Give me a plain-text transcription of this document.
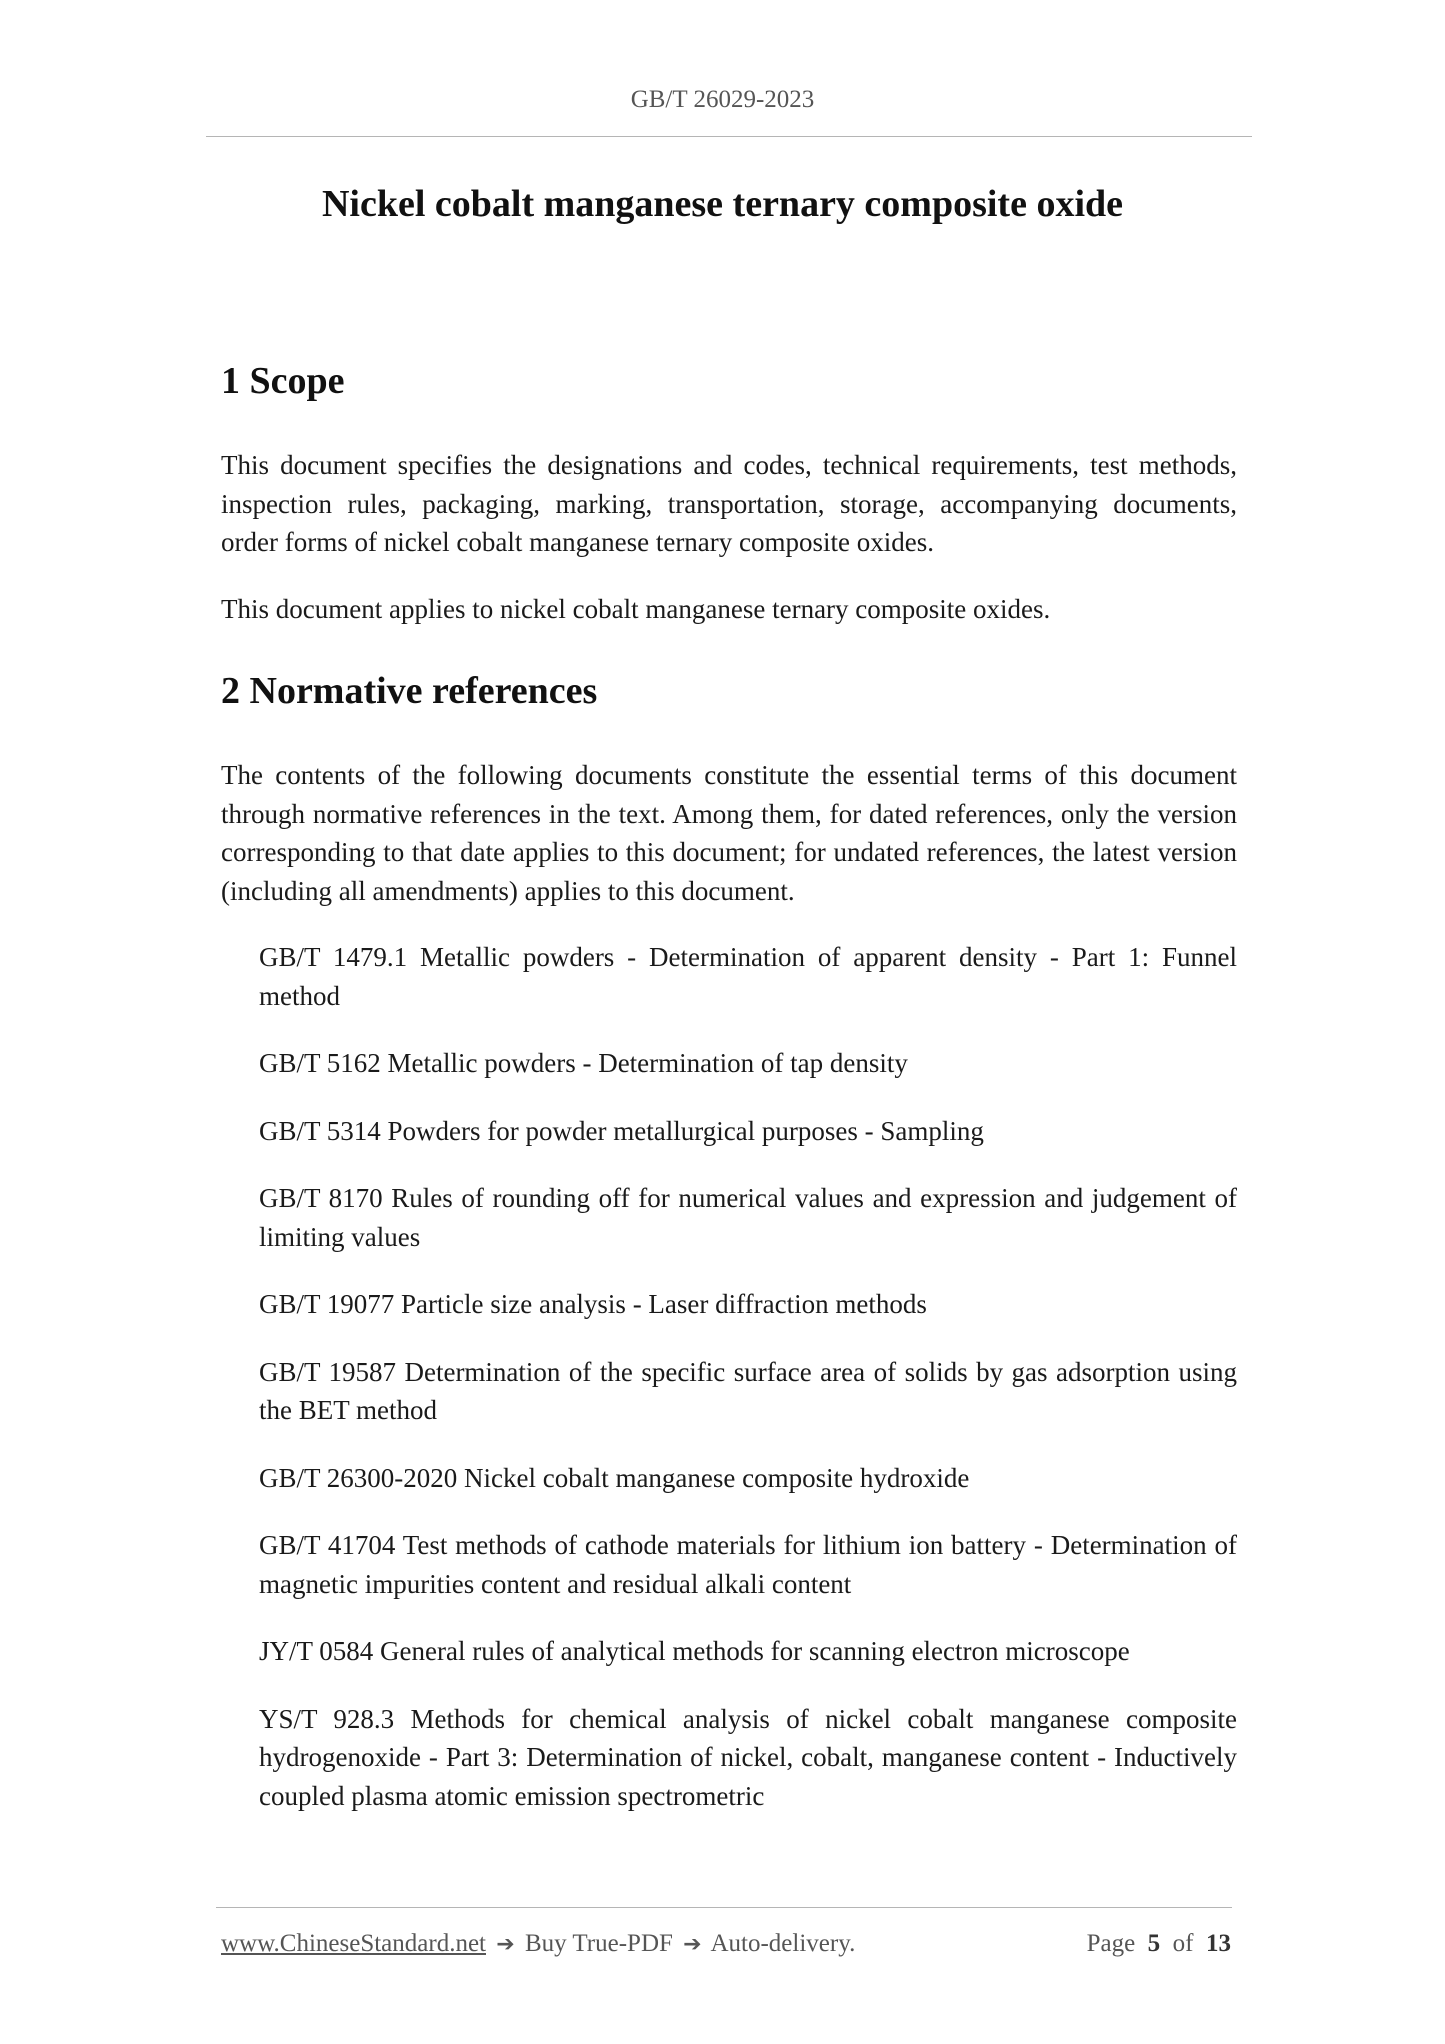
GB/T 26029-2023
Nickel cobalt manganese ternary composite oxide
1 Scope

This document specifies the designations and codes, technical requirements, test methods, inspection rules, packaging, marking, transportation, storage, accompanying documents, order forms of nickel cobalt manganese ternary composite oxides.

This document applies to nickel cobalt manganese ternary composite oxides.

2 Normative references

The contents of the following documents constitute the essential terms of this document through normative references in the text. Among them, for dated references, only the version corresponding to that date applies to this document; for undated references, the latest version (including all amendments) applies to this document.

GB/T 1479.1 Metallic powders - Determination of apparent density - Part 1: Funnel method
GB/T 5162 Metallic powders - Determination of tap density
GB/T 5314 Powders for powder metallurgical purposes - Sampling
GB/T 8170 Rules of rounding off for numerical values and expression and judgement of limiting values
GB/T 19077 Particle size analysis - Laser diffraction methods
GB/T 19587 Determination of the specific surface area of solids by gas adsorption using the BET method
GB/T 26300-2020 Nickel cobalt manganese composite hydroxide
GB/T 41704 Test methods of cathode materials for lithium ion battery - Determination of magnetic impurities content and residual alkali content
JY/T 0584 General rules of analytical methods for scanning electron microscope
YS/T 928.3 Methods for chemical analysis of nickel cobalt manganese composite hydrogenoxide - Part 3: Determination of nickel, cobalt, manganese content - Inductively coupled plasma atomic emission spectrometric
www.ChineseStandard.net ➔ Buy True-PDF ➔ Auto-delivery.	Page 5 of 13
